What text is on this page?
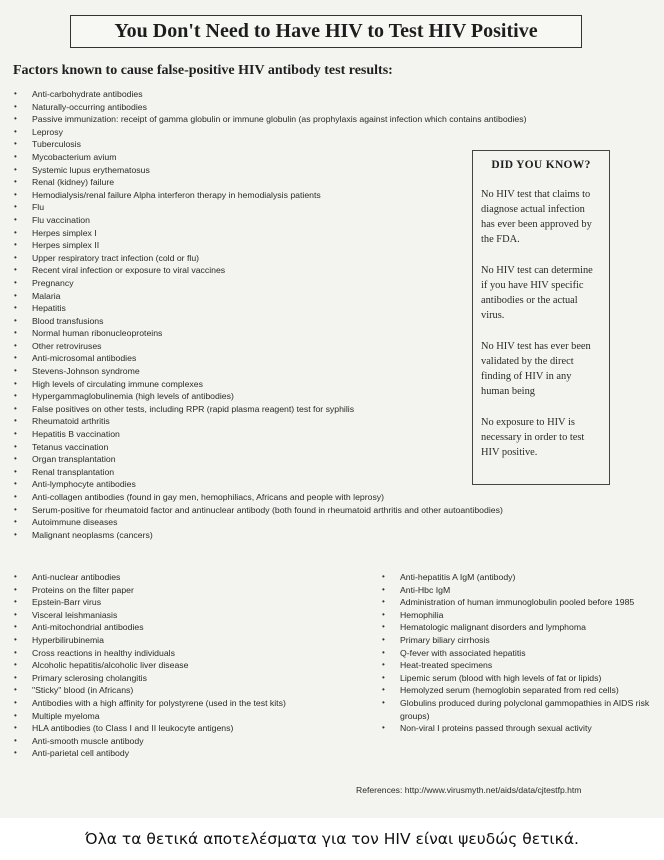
You Don't Need to Have HIV to Test HIV Positive
Factors known to cause false-positive HIV antibody test results:
• Anti-carbohydrate antibodies
• Naturally-occurring antibodies
• Passive immunization: receipt of gamma globulin or immune globulin (as prophylaxis against infection which contains antibodies)
• Leprosy
• Tuberculosis
• Mycobacterium avium
• Systemic lupus erythematosus
• Renal (kidney) failure
• Hemodialysis/renal failure Alpha interferon therapy in hemodialysis patients
• Flu
• Flu vaccination
• Herpes simplex I
• Herpes simplex II
• Upper respiratory tract infection (cold or flu)
• Recent viral infection or exposure to viral vaccines
• Pregnancy
• Malaria
• Hepatitis
• Blood transfusions
• Normal human ribonucleoproteins
• Other retroviruses
• Anti-microsomal antibodies
• Stevens-Johnson syndrome
• High levels of circulating immune complexes
• Hypergammaglobulinemia (high levels of antibodies)
• False positives on other tests, including RPR (rapid plasma reagent) test for syphilis
• Rheumatoid arthritis
• Hepatitis B vaccination
• Tetanus vaccination
• Organ transplantation
• Renal transplantation
• Anti-lymphocyte antibodies
• Anti-collagen antibodies (found in gay men, hemophiliacs, Africans and people with leprosy)
• Serum-positive for rheumatoid factor and antinuclear antibody (both found in rheumatoid arthritis and other autoantibodies)
• Autoimmune diseases
• Malignant neoplasms (cancers)
• Anti-nuclear antibodies
• Proteins on the filter paper
• Epstein-Barr virus
• Visceral leishmaniasis
• Anti-mitochondrial antibodies
• Hyperbilirubinemia
• Cross reactions in healthy individuals
• Alcoholic hepatitis/alcoholic liver disease
• Primary sclerosing cholangitis
• "Sticky" blood (in Africans)
• Antibodies with a high affinity for polystyrene (used in the test kits)
• Multiple myeloma
• HLA antibodies (to Class I and II leukocyte antigens)
• Anti-smooth muscle antibody
• Anti-parietal cell antibody
• Anti-hepatitis A IgM (antibody)
• Anti-Hbc IgM
• Administration of human immunoglobulin pooled before 1985
• Hemophilia
• Hematologic malignant disorders and lymphoma
• Primary biliary cirrhosis
• Q-fever with associated hepatitis
• Heat-treated specimens
• Lipemic serum (blood with high levels of fat or lipids)
• Hemolyzed serum (hemoglobin separated from red cells)
• Globulins produced during polyclonal gammopathies in AIDS risk groups)
• Non-viral I proteins passed through sexual activity
DID YOU KNOW?

No HIV test that claims to diagnose actual infection has ever been approved by the FDA.

No HIV test can determine if you have HIV specific antibodies or the actual virus.

No HIV test has ever been validated by the direct finding of HIV in any human being

No exposure to HIV is necessary in order to test HIV positive.

References: http://www.virusmyth.net/aids/data/cjtestfp.htm
Όλα τα θετικά αποτελέσματα για τον HIV είναι ψευδώς θετικά.
